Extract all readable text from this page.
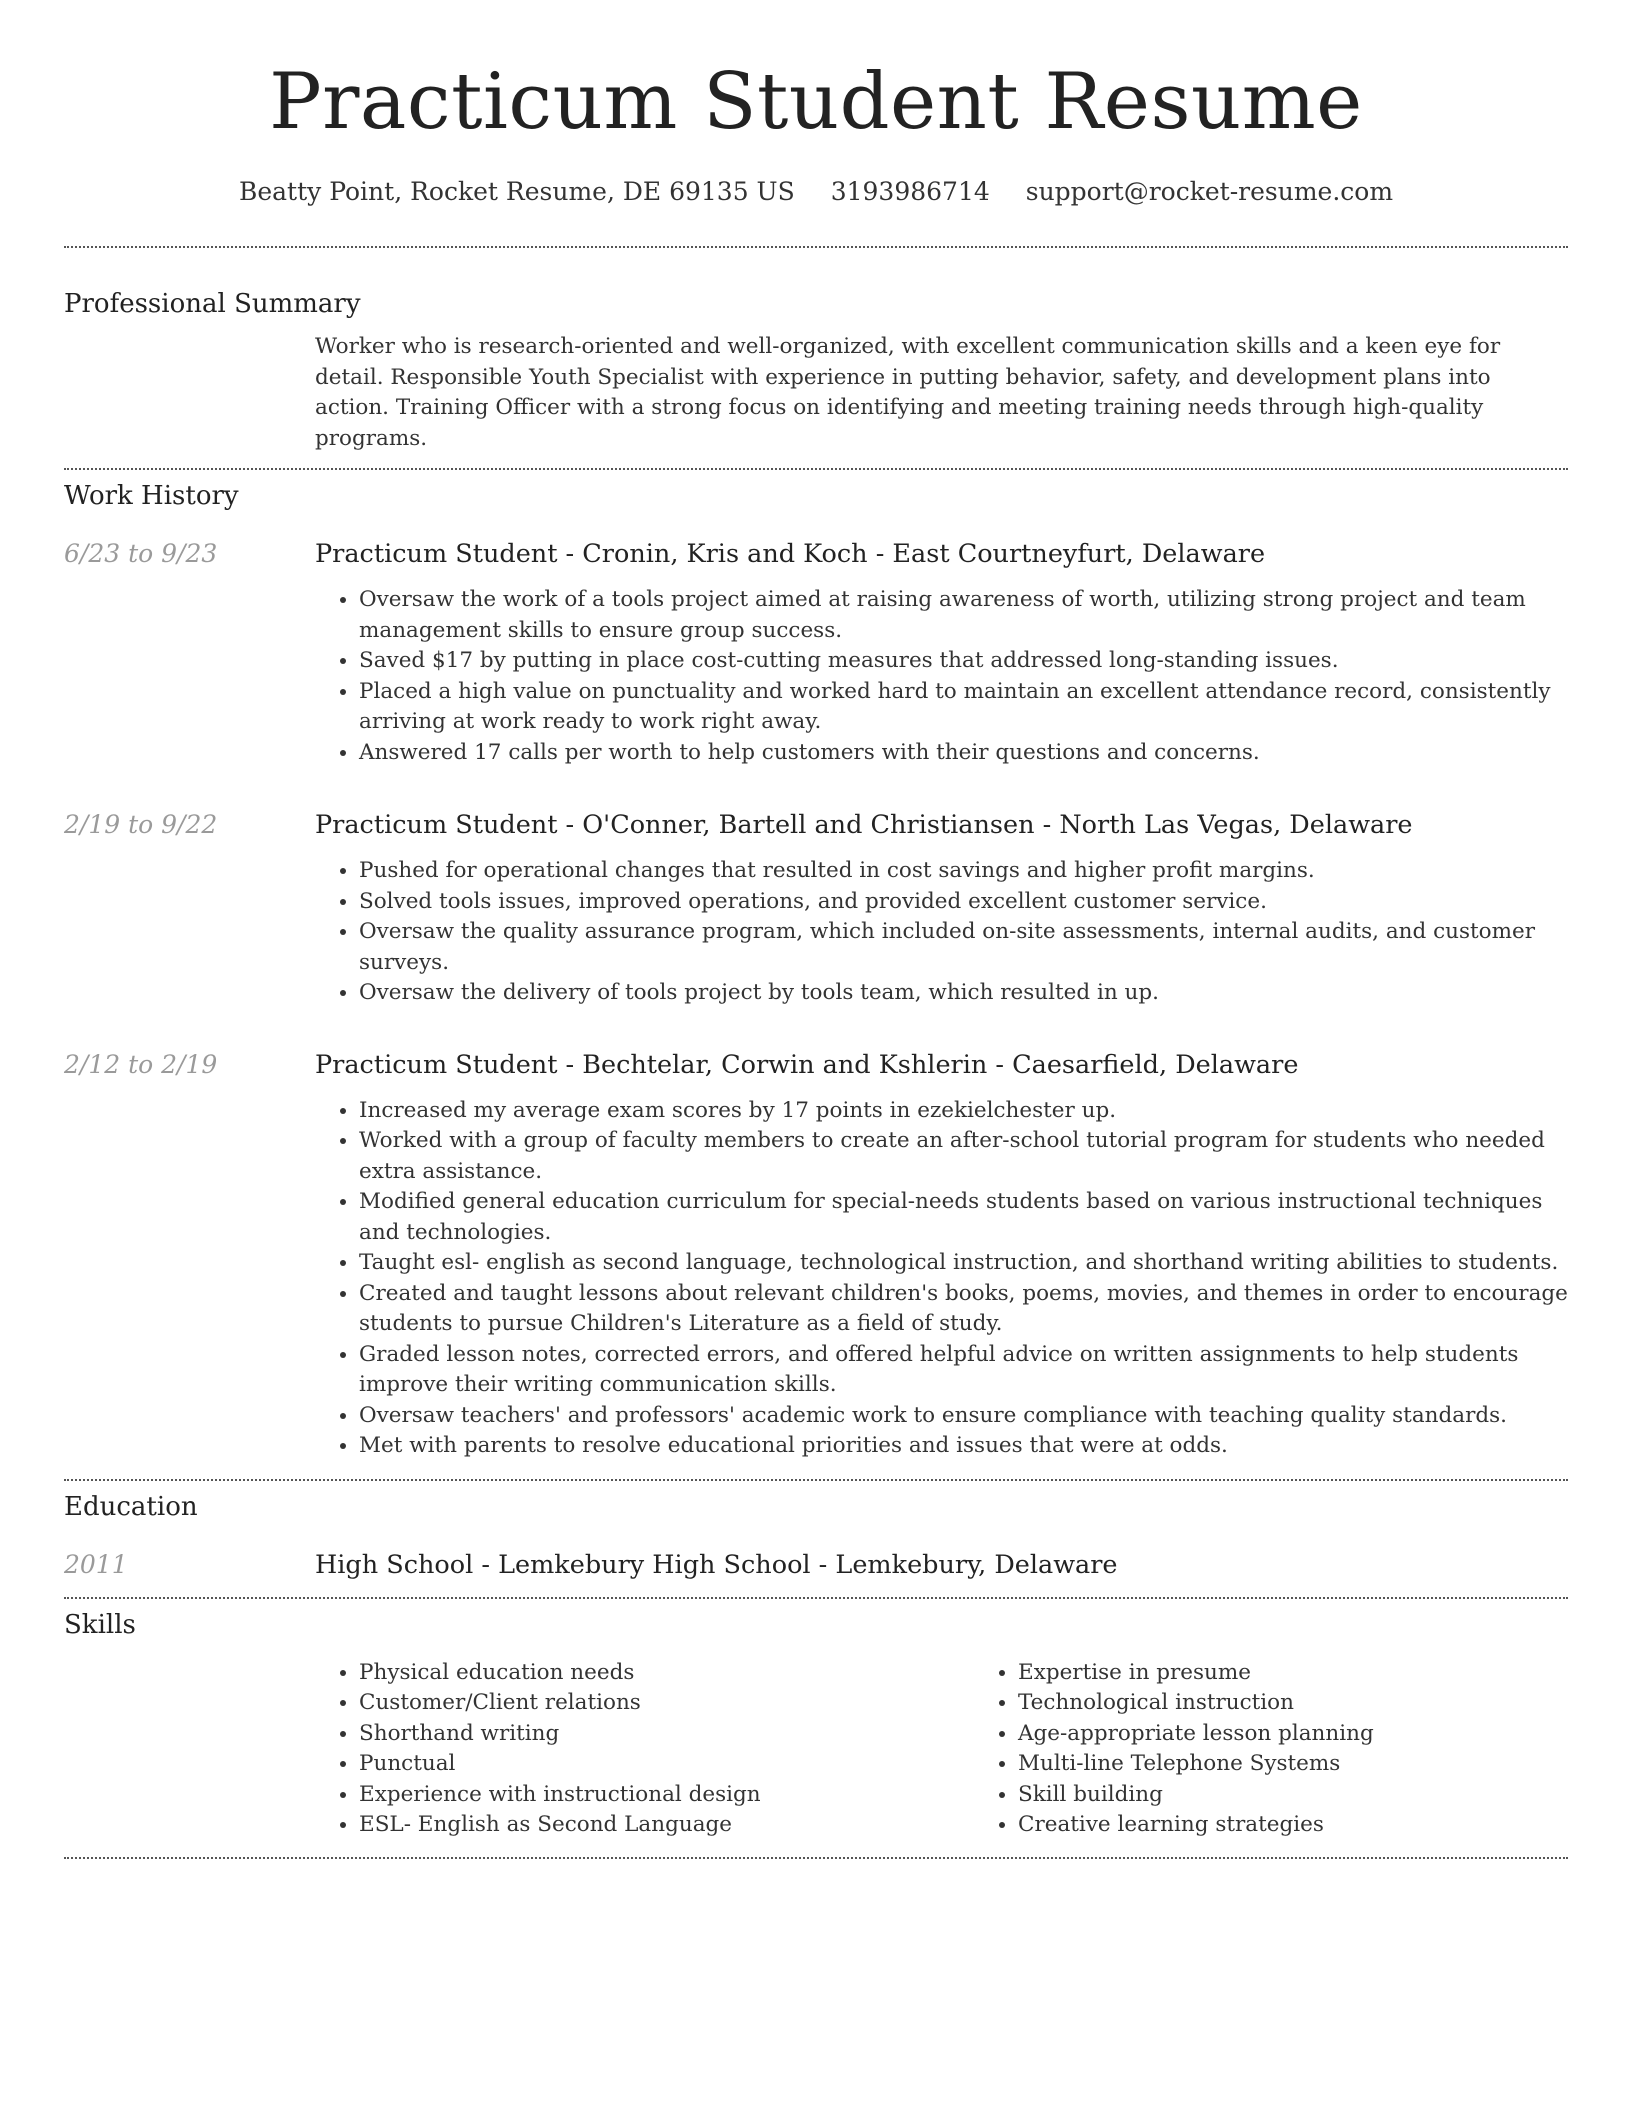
Practicum Student Resume
Beatty Point, Rocket Resume, DE 69135 US 3193986714 support@rocket-resume.com
Professional Summary
Worker who is research-oriented and well-organized, with excellent communication skills and a keen eye for detail. Responsible Youth Specialist with experience in putting behavior, safety, and development plans into action. Training Officer with a strong focus on identifying and meeting training needs through high-quality programs.
Work History
6/23 to 9/23	Practicum Student - Cronin, Kris and Koch - East Courtneyfurt, Delaware
• Oversaw the work of a tools project aimed at raising awareness of worth, utilizing strong project and team management skills to ensure group success.
• Saved $17 by putting in place cost-cutting measures that addressed long-standing issues.
• Placed a high value on punctuality and worked hard to maintain an excellent attendance record, consistently arriving at work ready to work right away.
• Answered 17 calls per worth to help customers with their questions and concerns.
2/19 to 9/22	Practicum Student - O'Conner, Bartell and Christiansen - North Las Vegas, Delaware
• Pushed for operational changes that resulted in cost savings and higher profit margins.
• Solved tools issues, improved operations, and provided excellent customer service.
• Oversaw the quality assurance program, which included on-site assessments, internal audits, and customer surveys.
• Oversaw the delivery of tools project by tools team, which resulted in up.
2/12 to 2/19	Practicum Student - Bechtelar, Corwin and Kshlerin - Caesarfield, Delaware
• Increased my average exam scores by 17 points in ezekielchester up.
• Worked with a group of faculty members to create an after-school tutorial program for students who needed extra assistance.
• Modified general education curriculum for special-needs students based on various instructional techniques and technologies.
• Taught esl- english as second language, technological instruction, and shorthand writing abilities to students.
• Created and taught lessons about relevant children's books, poems, movies, and themes in order to encourage students to pursue Children's Literature as a field of study.
• Graded lesson notes, corrected errors, and offered helpful advice on written assignments to help students improve their writing communication skills.
• Oversaw teachers' and professors' academic work to ensure compliance with teaching quality standards.
• Met with parents to resolve educational priorities and issues that were at odds.
Education
2011	High School - Lemkebury High School - Lemkebury, Delaware
Skills
• Physical education needs
• Customer/Client relations
• Shorthand writing
• Punctual
• Experience with instructional design
• ESL- English as Second Language
• Expertise in presume
• Technological instruction
• Age-appropriate lesson planning
• Multi-line Telephone Systems
• Skill building
• Creative learning strategies
